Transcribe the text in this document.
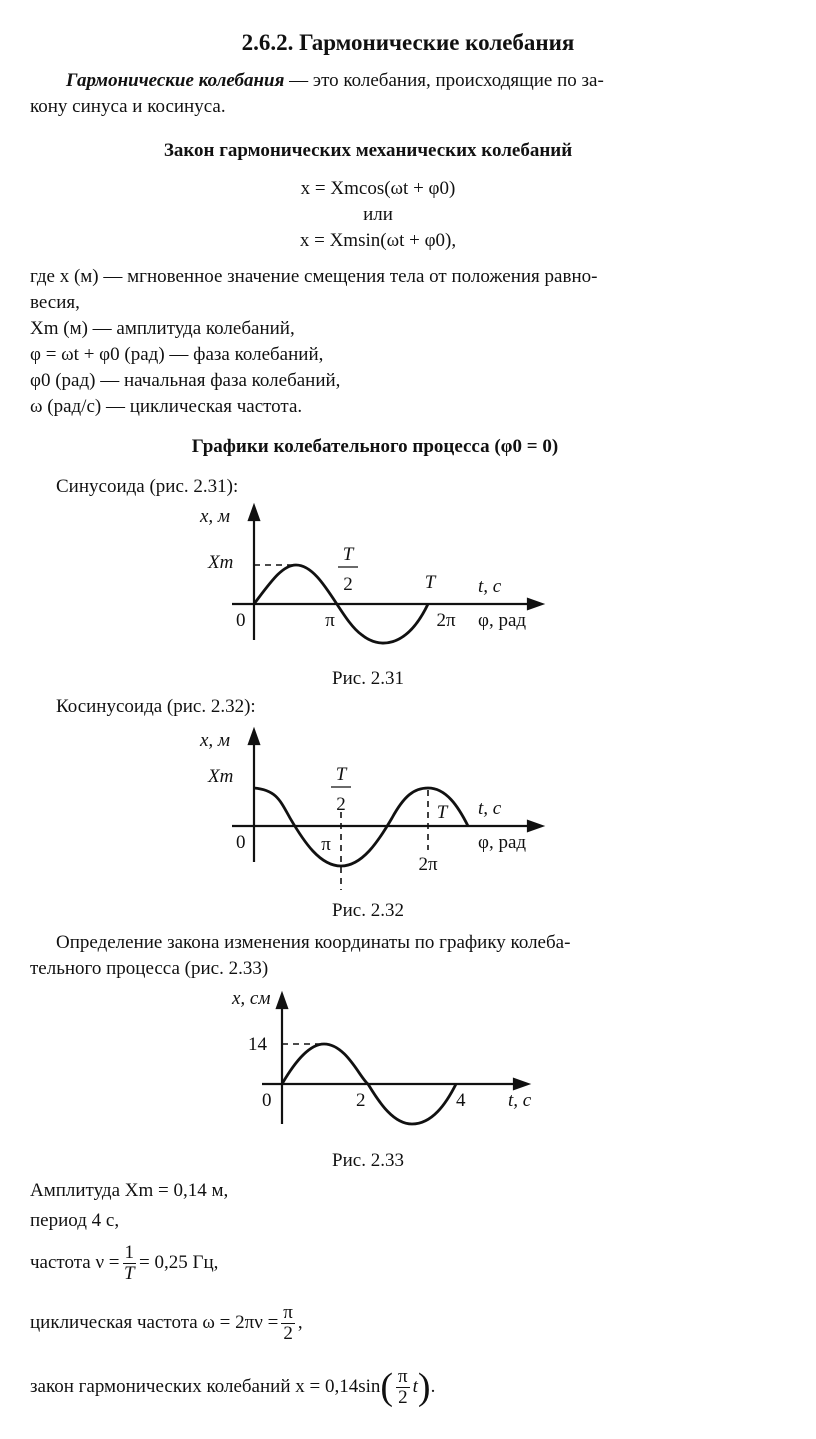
2.6.2. Гармонические колебания
Гармонические колебания — это колебания, происходящие по за-
кону синуса и косинуса.
Закон гармонических механических колебаний
x = Xmcos(ωt + φ0)
или
x = Xmsin(ωt + φ0),
где x (м) — мгновенное значение смещения тела от положения равно-
весия,
Xm (м) — амплитуда колебаний,
φ = ωt + φ0 (рад) — фаза колебаний,
φ0 (рад) — начальная фаза колебаний,
ω (рад/с) — циклическая частота.
Графики колебательного процесса (φ0 = 0)
Синусоида (рис. 2.31):
x, м
Xm	T
2	T t, с
0	π	2π φ, рад
Рис. 2.31
Косинусоида (рис. 2.32):
x, м
Xm	T
2	T t, с
0	π
2π
φ, рад
Рис. 2.32
Определение закона изменения координаты по графику колеба-
тельного процесса (рис. 2.33)
x, см
14
0	2	4 t, с
Рис. 2.33
Амплитуда Xm = 0,14 м,
период 4 с,
частота $\nu = \frac{1}{T} = 0,25$ Гц,
циклическая частота $\omega = 2\pi\nu = \frac{\pi}{2}$ ,
закон гармонических колебаний x = 0,14sin ( $\frac{\pi}{2}$ t ) .
